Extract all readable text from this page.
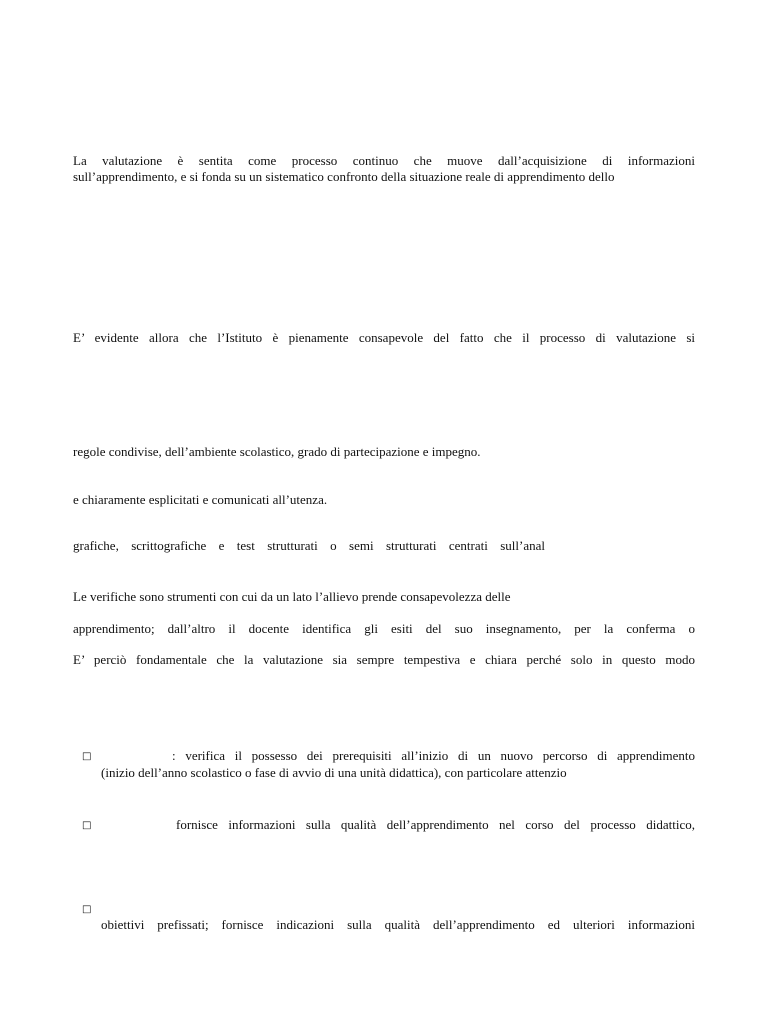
La valutazione è sentita come processo continuo che muove dall’acquisizione di informazioni
sull’apprendimento, e si fonda su un sistematico confronto della situazione reale di apprendimento dello
E’ evidente allora che l’Istituto è pienamente consapevole del fatto che il processo di valutazione si
regole condivise, dell’ambiente scolastico, grado di partecipazione e impegno.
e chiaramente esplicitati e comunicati all’utenza.
grafiche, scrittografiche e test strutturati o semi strutturati centrati sull’anal
Le verifiche sono strumenti con cui da un lato l’allievo prende consapevolezza delle
apprendimento; dall’altro il docente identifica gli esiti del suo insegnamento, per la conferma o
E’ perciò fondamentale che la valutazione sia sempre tempestiva e chiara perché solo in questo modo
□	: verifica il possesso dei prerequisiti all’inizio di un nuovo percorso di apprendimento
(inizio dell’anno scolastico o fase di avvio di una unità didattica), con particolare attenzio
□	fornisce informazioni sulla qualità dell’apprendimento nel corso del processo didattico,
□
obiettivi prefissati; fornisce indicazioni sulla qualità dell’apprendimento ed ulteriori informazioni
